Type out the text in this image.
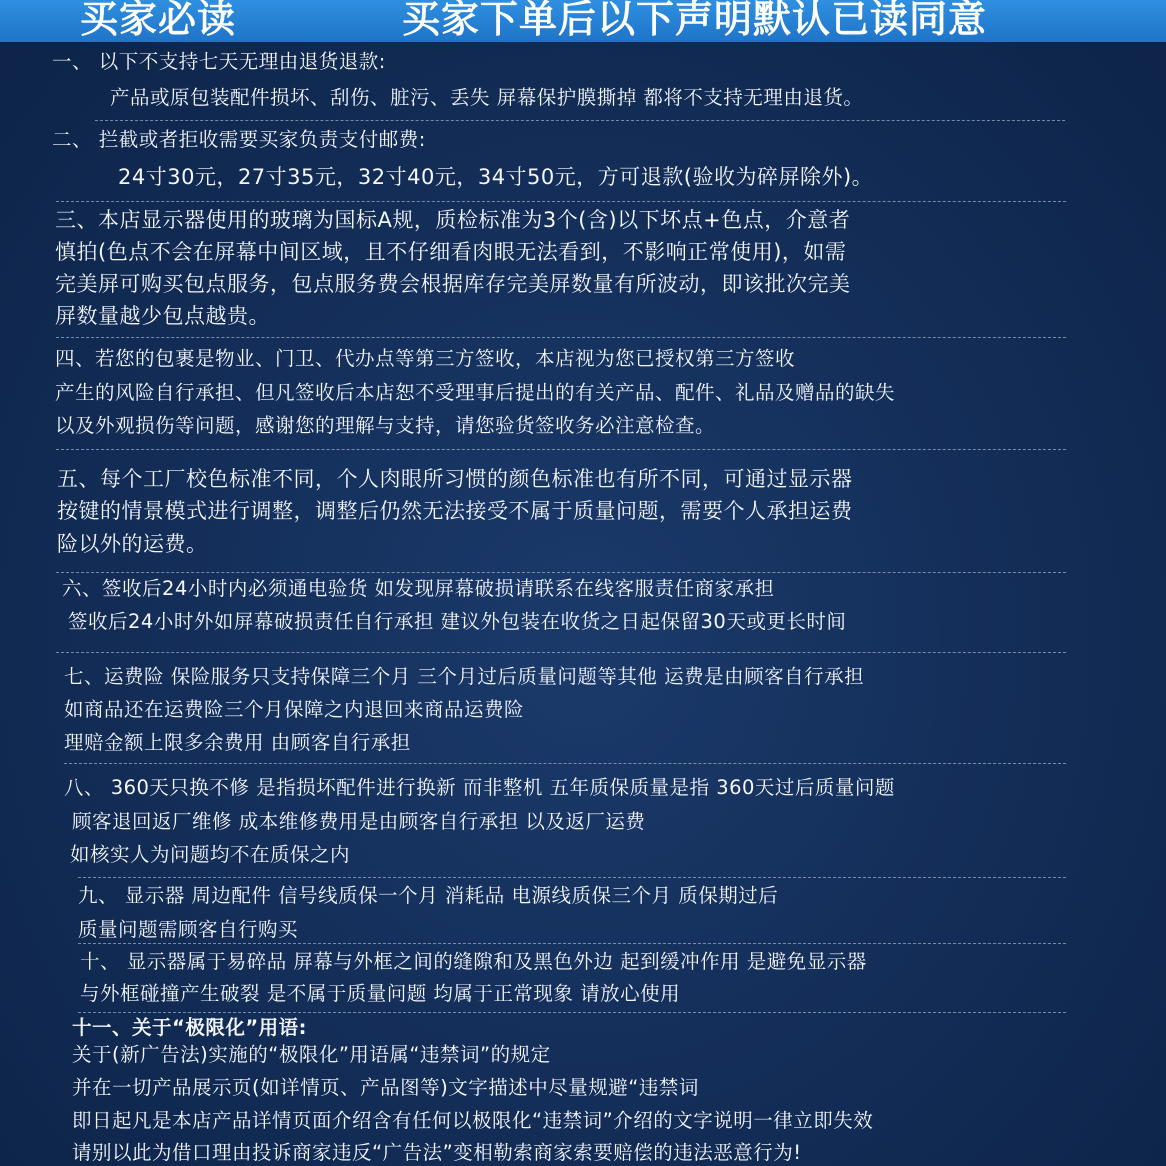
买家必读	买家下单后以下声明默认已读同意

一、 以下不支持七天无理由退货退款:

产品或原包装配件损坏、刮伤、脏污、丢失 屏幕保护膜撕掉 都将不支持无理由退货。

二、 拦截或者拒收需要买家负责支付邮费:

24寸30元，27寸35元，32寸40元，34寸50元，方可退款(验收为碎屏除外)。

三、本店显示器使用的玻璃为国标A规，质检标准为3个(含)以下坏点+色点，介意者

慎拍(色点不会在屏幕中间区域，且不仔细看肉眼无法看到，不影响正常使用)，如需

完美屏可购买包点服务，包点服务费会根据库存完美屏数量有所波动，即该批次完美

屏数量越少包点越贵。

四、若您的包裹是物业、门卫、代办点等第三方签收，本店视为您已授权第三方签收

产生的风险自行承担、但凡签收后本店恕不受理事后提出的有关产品、配件、礼品及赠品的缺失

以及外观损伤等问题，感谢您的理解与支持，请您验货签收务必注意检查。

五、每个工厂校色标准不同，个人肉眼所习惯的颜色标准也有所不同，可通过显示器

按键的情景模式进行调整，调整后仍然无法接受不属于质量问题，需要个人承担运费

险以外的运费。

六、签收后24小时内必须通电验货 如发现屏幕破损请联系在线客服责任商家承担

签收后24小时外如屏幕破损责任自行承担 建议外包装在收货之日起保留30天或更长时间

七、运费险 保险服务只支持保障三个月 三个月过后质量问题等其他 运费是由顾客自行承担

如商品还在运费险三个月保障之内退回来商品运费险

理赔金额上限多余费用 由顾客自行承担

八、 360天只换不修 是指损坏配件进行换新 而非整机 五年质保质量是指 360天过后质量问题

顾客退回返厂维修 成本维修费用是由顾客自行承担 以及返厂运费

如核实人为问题均不在质保之内

九、 显示器 周边配件 信号线质保一个月 消耗品 电源线质保三个月 质保期过后

质量问题需顾客自行购买

十、 显示器属于易碎品 屏幕与外框之间的缝隙和及黑色外边 起到缓冲作用 是避免显示器

与外框碰撞产生破裂 是不属于质量问题 均属于正常现象 请放心使用

十一、关于“极限化”用语:

关于(新广告法)实施的“极限化”用语属“违禁词”的规定

并在一切产品展示页(如详情页、产品图等)文字描述中尽量规避“违禁词

即日起凡是本店产品详情页面介绍含有任何以极限化“违禁词”介绍的文字说明一律立即失效

请别以此为借口理由投诉商家违反“广告法”变相勒索商家索要赔偿的违法恶意行为!
